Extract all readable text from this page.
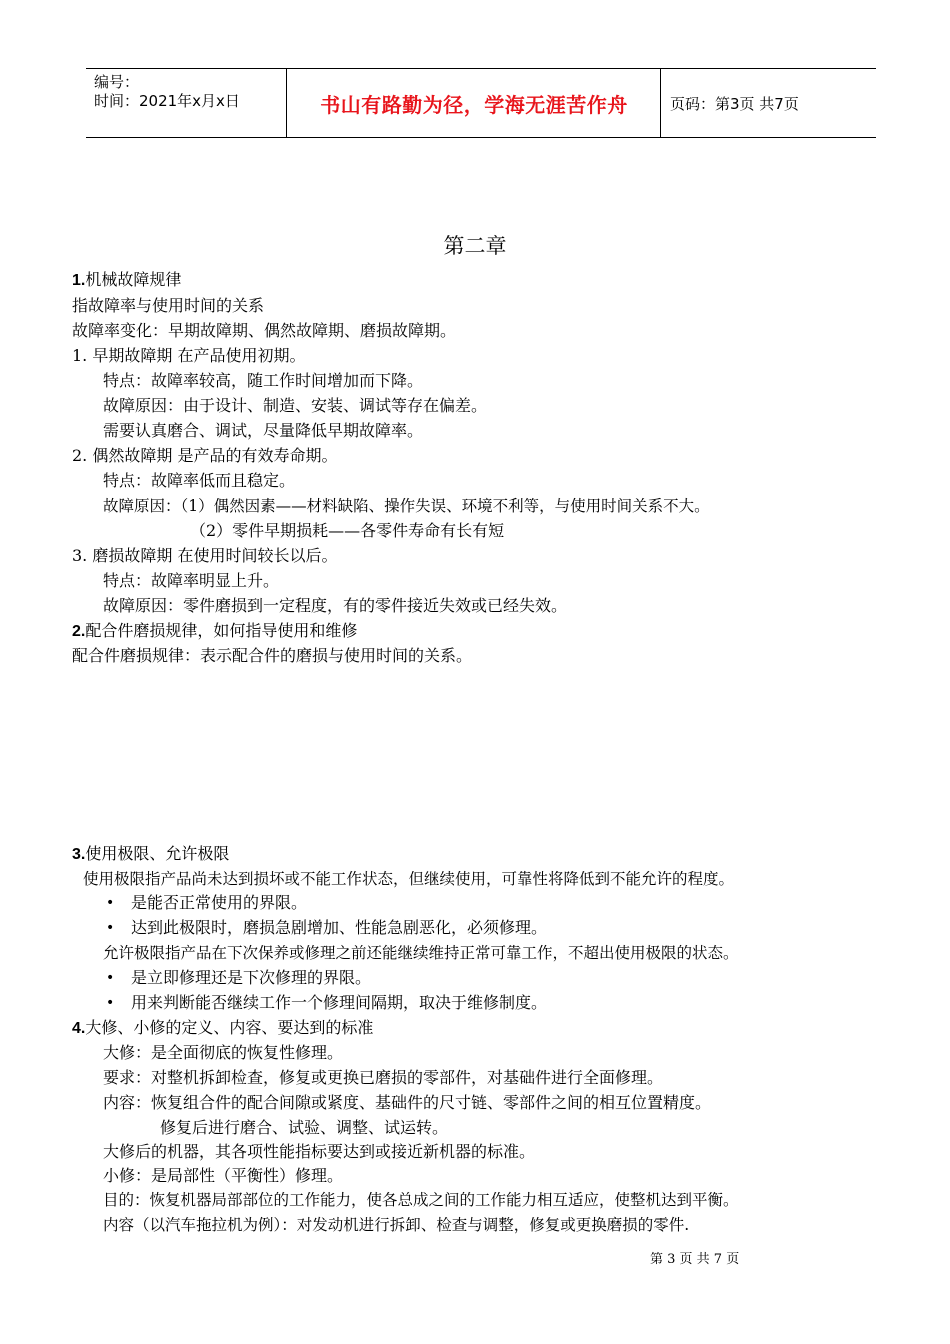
编号：
时间：2021年x月x日	书山有路勤为径，学海无涯苦作舟	页码：第3页 共7页
第二章
1.机械故障规律
指故障率与使用时间的关系
故障率变化：早期故障期、偶然故障期、磨损故障期。
1. 早期故障期 在产品使用初期。
特点：故障率较高，随工作时间增加而下降。
故障原因：由于设计、制造、安装、调试等存在偏差。
需要认真磨合、调试，尽量降低早期故障率。
2. 偶然故障期 是产品的有效寿命期。
特点：故障率低而且稳定。
故障原因：（1）偶然因素——材料缺陷、操作失误、环境不利等，与使用时间关系不大。
（2）零件早期损耗——各零件寿命有长有短
3. 磨损故障期 在使用时间较长以后。
特点：故障率明显上升。
故障原因：零件磨损到一定程度，有的零件接近失效或已经失效。
2.配合件磨损规律，如何指导使用和维修
配合件磨损规律：表示配合件的磨损与使用时间的关系。
3.使用极限、允许极限
使用极限指产品尚未达到损坏或不能工作状态，但继续使用，可靠性将降低到不能允许的程度。
• 是能否正常使用的界限。
• 达到此极限时，磨损急剧增加、性能急剧恶化，必须修理。
允许极限指产品在下次保养或修理之前还能继续维持正常可靠工作，不超出使用极限的状态。
• 是立即修理还是下次修理的界限。
• 用来判断能否继续工作一个修理间隔期，取决于维修制度。
4.大修、小修的定义、内容、要达到的标准
大修：是全面彻底的恢复性修理。
要求：对整机拆卸检查，修复或更换已磨损的零部件，对基础件进行全面修理。
内容：恢复组合件的配合间隙或紧度、基础件的尺寸链、零部件之间的相互位置精度。
修复后进行磨合、试验、调整、试运转。
大修后的机器，其各项性能指标要达到或接近新机器的标准。
小修：是局部性（平衡性）修理。
目的：恢复机器局部部位的工作能力，使各总成之间的工作能力相互适应，使整机达到平衡。
内容（以汽车拖拉机为例）：对发动机进行拆卸、检查与调整，修复或更换磨损的零件.
第 3 页 共 7 页
